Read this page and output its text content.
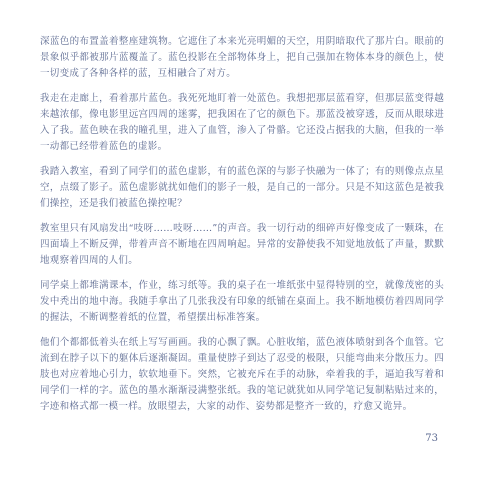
深蓝色的布置盖着整座建筑物。它遮住了本来光亮明媚的天空，用阴暗取代了那片白。眼前的景象似乎都被那片蓝覆盖了。蓝色投影在全部物体身上，把自己强加在物体本身的颜色上，使一切变成了各种各样的蓝，互相融合了对方。

我走在走廊上，看着那片蓝色。我死死地盯着一处蓝色。我想把那层蓝看穿，但那层蓝变得越来越浓郁，像电影里远宫四周的迷雾，把我困在了它的颜色下。那蓝没被穿透，反而从眼球进入了我。蓝色映在我的瞳孔里，进入了血管，渗入了骨骼。它还没占据我的大脑，但我的一举一动都已经带着蓝色的虚影。

我踏入教室，看到了同学们的蓝色虚影，有的蓝色深的与影子快融为一体了；有的则像点点星空，点缀了影子。蓝色虚影就扰如他们的影子一般，是自己的一部分。只是不知这蓝色是被我们操控，还是我们被蓝色操控呢？

教室里只有风扇发出“吱呀……吱呀……”的声音。我一切行动的细碎声好像变成了一颗珠，在四面墙上不断反弹，带着声音不断地在四周响起。异常的安静使我不知觉地放低了声量，默默地观察着四周的人们。

同学桌上都堆满课本，作业，练习纸等。我的桌子在一堆纸张中显得特别的空，就像茂密的头发中秃出的地中海。我随手拿出了几张我没有印象的纸铺在桌面上。我不断地模仿着四周同学的握法，不断调整着纸的位置，希望摆出标准答案。

他们个都都低着头在纸上写写画画。我的心飘了飘。心脏收缩，蓝色液体喷射到各个血管。它流到在脖子以下的躯体后逐渐凝固。重量使脖子到达了忍受的极限，只能弯曲来分散压力。四肢也对应着地心引力，软软地垂下。突然，它被充斥在手的动脉，牵着我的手，逼迫我写着和同学们一样的字。蓝色的墨水渐渐浸满整张纸。我的笔记就犹如从同学笔记复制粘贴过来的，字迹和格式都一模一样。放眼望去，大家的动作、姿势都是整齐一致的，疗愈又诡异。

73
